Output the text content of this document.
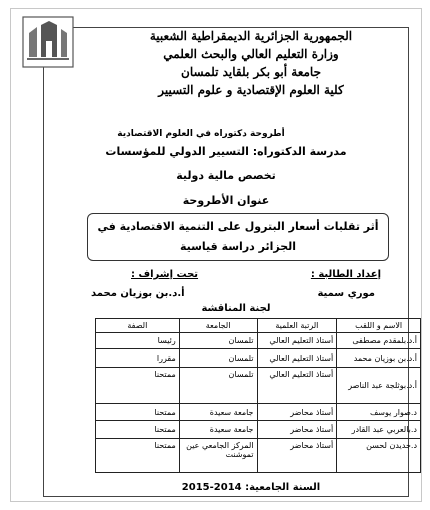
الجمهورية الجزائرية الديمقراطية الشعبية
وزارة التعليم العالي والبحث العلمي
جامعة أبو بكر بلقايد تلمسان
كلية العلوم الإقتصادية و علوم التسيير
أطروحة دكتوراه في العلوم الاقتصادية
مدرسة الدكتوراه: التسيير الدولي للمؤسسات
تخصص مالية دولية
عنوان الأطروحة
أثر تقلبات أسعار البترول على التنمية الاقتصادية في
الجزائر دراسة قياسية
إعداد الطالبة :
تحت إشراف :
موري سمية
أ.د.بن بوزيان محمد
لجنة المناقشة
الاسم و اللقب	الرتبة العلمية	الجامعة	الصفة
أ.د.بلمقدم مصطفى	أستاذ التعليم العالي	تلمسان	رئيسا
أ.د.بن بوزيان محمد	أستاذ التعليم العالي	تلمسان	مقررا
أ.د.بوثلجة عبد الناصر	أستاذ التعليم العالي	تلمسان	ممتحنا
د.صوار يوسف	أستاذ محاضر	جامعة سعيدة	ممتحنا
د.بالعربي عبد القادر	أستاذ محاضر	جامعة سعيدة	ممتحنا
د.جديدن لحسن	أستاذ محاضر	المركز الجامعي عين تموشنت	ممتحنا
السنة الجامعية: 2014-2015
